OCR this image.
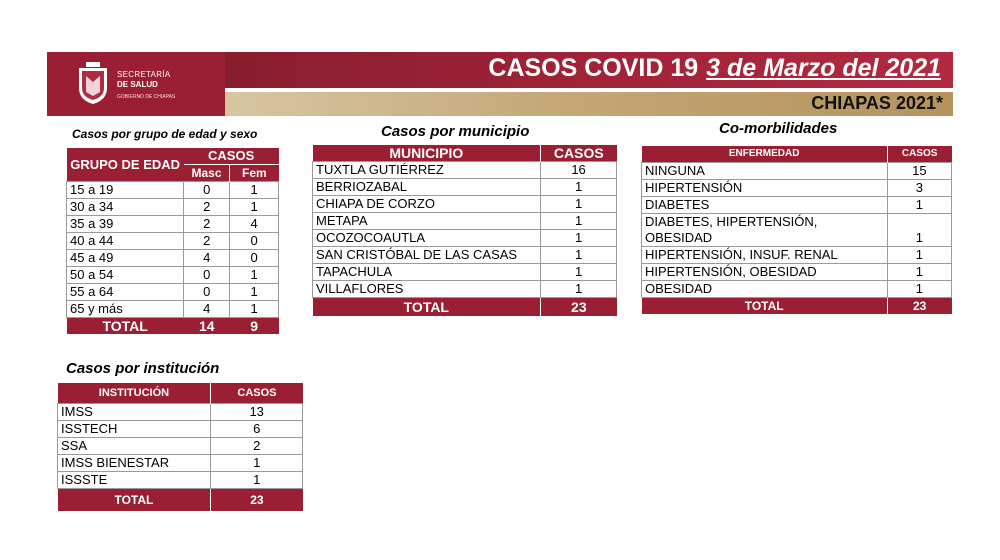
CASOS COVID 19 3 de Marzo del 2021
CHIAPAS 2021*
SECRETARÍA
DE SALUD
GOBIERNO DE CHIAPAS
Casos por grupo de edad y sexo
GRUPO DE EDAD	CASOS	
	Masc	Fem
15 a 19	0	1
30 a 34	2	1
35 a 39	2	4
40 a 44	2	0
45 a 49	4	0
50 a 54	0	1
55 a 64	0	1
65 y más	4	1
TOTAL	14	9
Casos por municipio
MUNICIPIO	CASOS
TUXTLA GUTIÉRREZ	16
BERRIOZABAL	1
CHIAPA DE CORZO	1
METAPA	1
OCOZOCOAUTLA	1
SAN CRISTÓBAL DE LAS CASAS	1
TAPACHULA	1
VILLAFLORES	1
TOTAL	23
Co-morbilidades
ENFERMEDAD	CASOS
NINGUNA	15
HIPERTENSIÓN	3
DIABETES	1
DIABETES, HIPERTENSIÓN, OBESIDAD	1
HIPERTENSIÓN, INSUF. RENAL	1
HIPERTENSIÓN, OBESIDAD	1
OBESIDAD	1
TOTAL	23
Casos por institución
INSTITUCIÓN	CASOS
IMSS	13
ISSTECH	6
SSA	2
IMSS BIENESTAR	1
ISSSTE	1
TOTAL	23
